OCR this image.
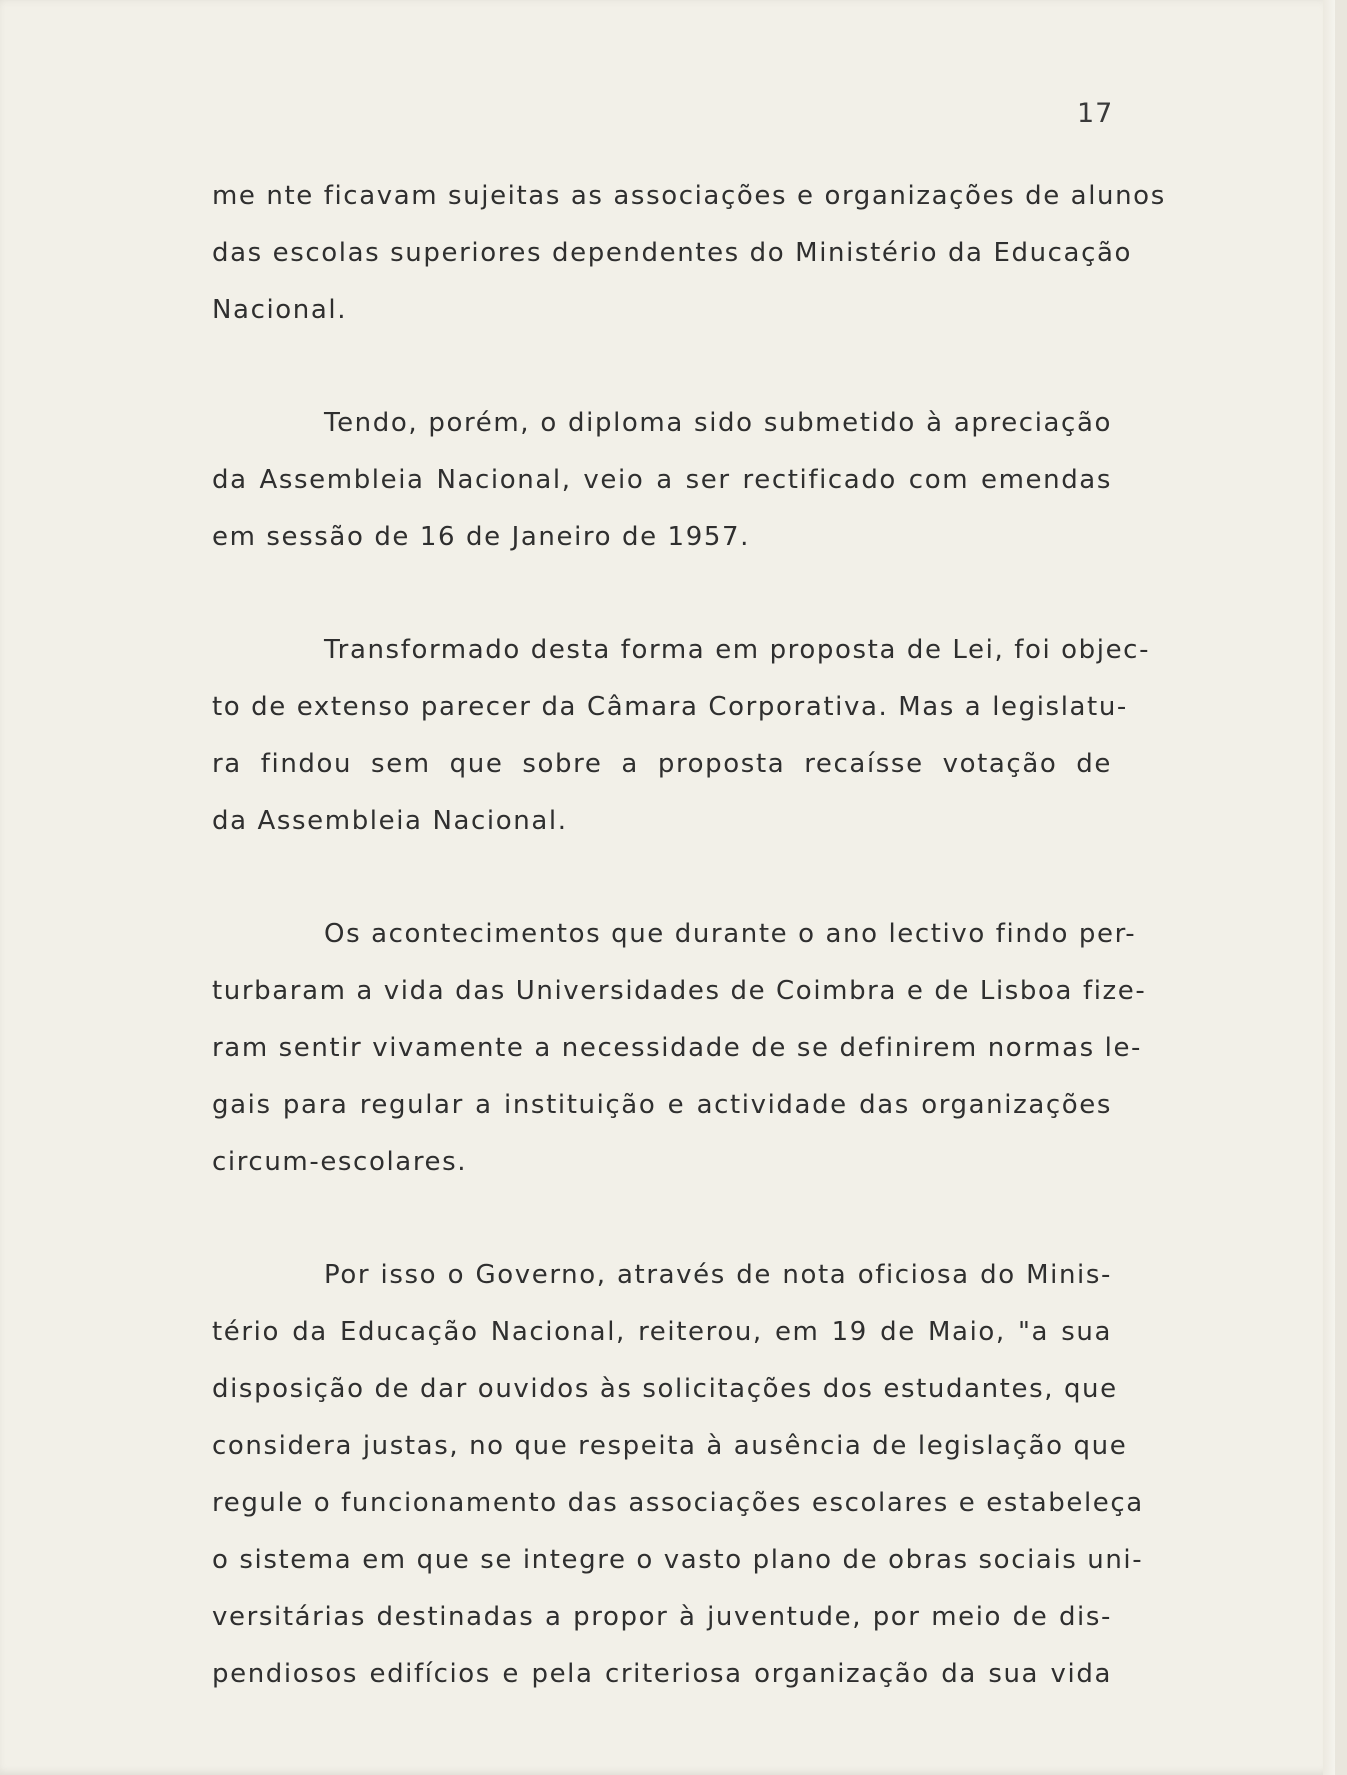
17
me nte ficavam sujeitas as associações e organizações de alunos
das escolas superiores dependentes do Ministério da Educação
Nacional.
Tendo, porém, o diploma sido submetido à apreciação
da Assembleia Nacional, veio a ser rectificado com emendas
em sessão de 16 de Janeiro de 1957.
Transformado desta forma em proposta de Lei, foi objec-
to de extenso parecer da Câmara Corporativa. Mas a legislatu-
ra findou sem que sobre a proposta recaísse votação de
da Assembleia Nacional.
Os acontecimentos que durante o ano lectivo findo per-
turbaram a vida das Universidades de Coimbra e de Lisboa fize-
ram sentir vivamente a necessidade de se definirem normas le-
gais para regular a instituição e actividade das organizações
circum-escolares.
Por isso o Governo, através de nota oficiosa do Minis-
tério da Educação Nacional, reiterou, em 19 de Maio, "a sua
disposição de dar ouvidos às solicitações dos estudantes, que
considera justas, no que respeita à ausência de legislação que
regule o funcionamento das associações escolares e estabeleça
o sistema em que se integre o vasto plano de obras sociais uni-
versitárias destinadas a propor à juventude, por meio de dis-
pendiosos edifícios e pela criteriosa organização da sua vida
